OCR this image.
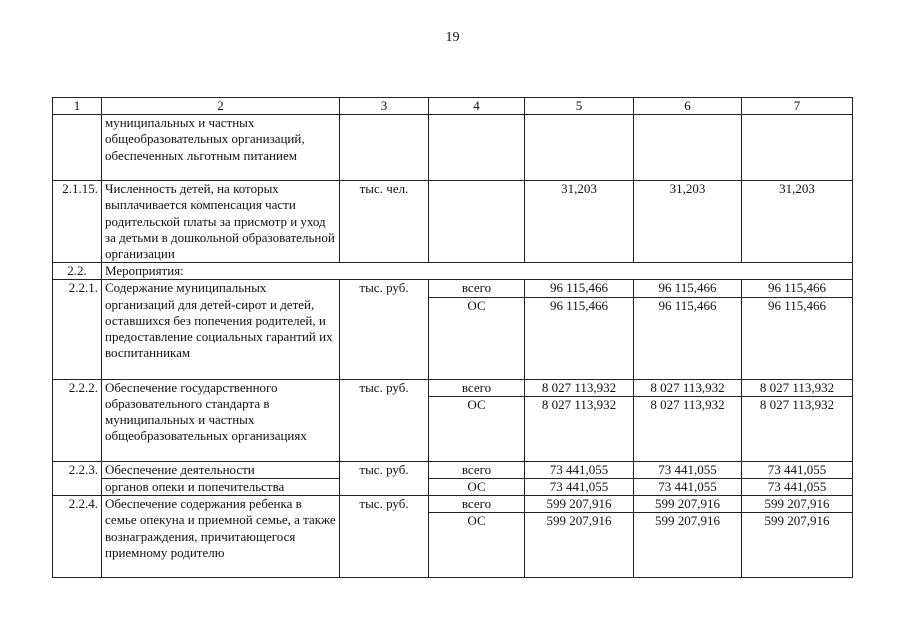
19
1	2	3	4	5	6	7
	муниципальных и частных общеобразовательных организаций, обеспеченных льготным питанием					
2.1.15.	Численность детей, на которых выплачивается компенсация части родительской платы за присмотр и уход за детьми в дошкольной образовательной организации	тыс. чел.		31,203	31,203	31,203
2.2.	Мероприятия:					
2.2.1.	Содержание муниципальных организаций для детей-сирот и детей, оставшихся без попечения родителей, и предоставление социальных гарантий их воспитанникам	тыс. руб.	всего	96 115,466	96 115,466	96 115,466
			ОС	96 115,466	96 115,466	96 115,466
2.2.2.	Обеспечение государственного образовательного стандарта в муниципальных и частных общеобразовательных организациях	тыс. руб.	всего	8 027 113,932	8 027 113,932	8 027 113,932
			ОС	8 027 113,932	8 027 113,932	8 027 113,932
2.2.3.	Обеспечение деятельности	тыс. руб.	всего	73 441,055	73 441,055	73 441,055
	органов опеки и попечительства		ОС	73 441,055	73 441,055	73 441,055
2.2.4.	Обеспечение содержания ребенка в семье опекуна и приемной семье, а также вознаграждения, причитающегося приемному родителю	тыс. руб.	всего	599 207,916	599 207,916	599 207,916
			ОС	599 207,916	599 207,916	599 207,916
